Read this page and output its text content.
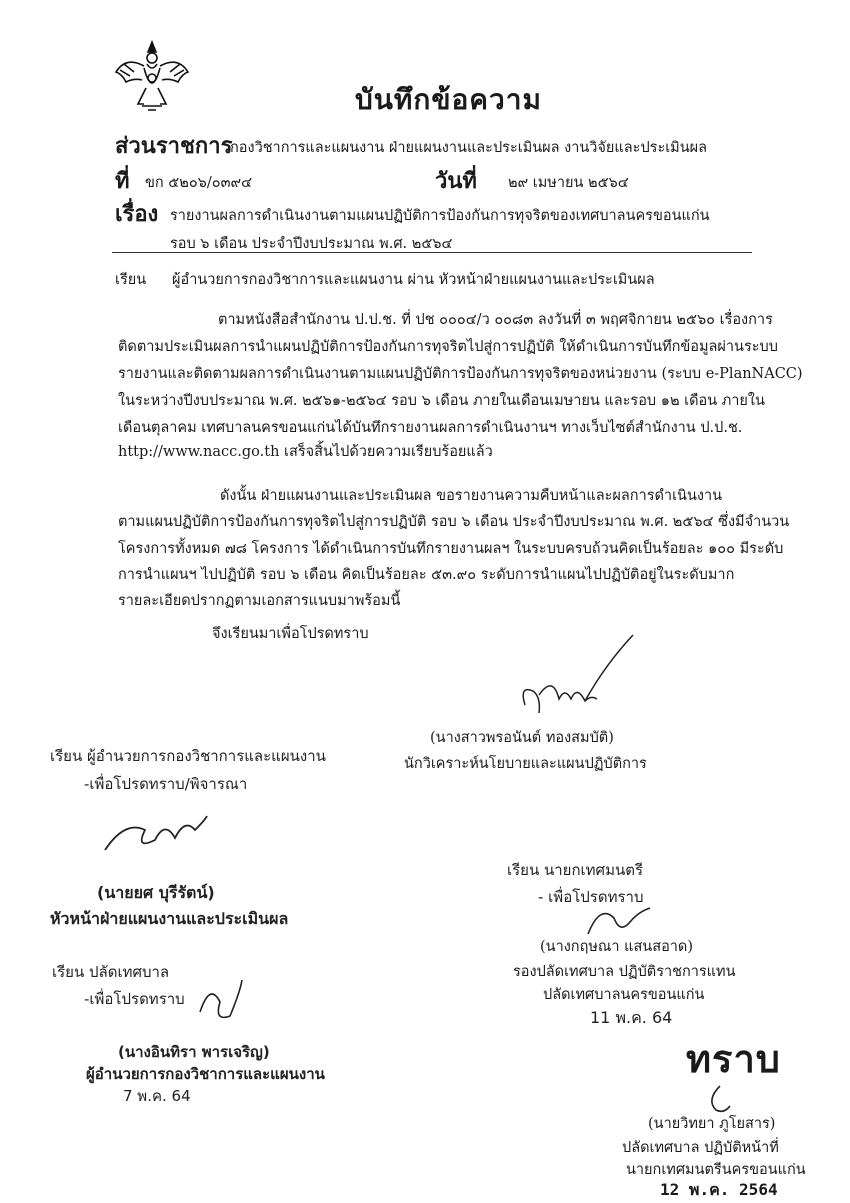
บันทึกข้อความ
ส่วนราชการ
กองวิชาการและแผนงาน ฝ่ายแผนงานและประเมินผล งานวิจัยและประเมินผล
ที่ ขก ๕๒๐๖/๐๓๙๔	วันที่ ๒๙ เมษายน ๒๕๖๔
เรื่อง รายงานผลการดำเนินงานตามแผนปฏิบัติการป้องกันการทุจริตของเทศบาลนครขอนแก่น
รอบ ๖ เดือน ประจำปีงบประมาณ พ.ศ. ๒๕๖๔
เรียน ผู้อำนวยการกองวิชาการและแผนงาน ผ่าน หัวหน้าฝ่ายแผนงานและประเมินผล
ตามหนังสือสำนักงาน ป.ป.ช. ที่ ปช ๐๐๐๔/ว ๐๐๘๓ ลงวันที่ ๓ พฤศจิกายน ๒๕๖๐ เรื่องการ
ติดตามประเมินผลการนำแผนปฏิบัติการป้องกันการทุจริตไปสู่การปฏิบัติ ให้ดำเนินการบันทึกข้อมูลผ่านระบบ
รายงานและติดตามผลการดำเนินงานตามแผนปฏิบัติการป้องกันการทุจริตของหน่วยงาน (ระบบ e-PlanNACC)
ในระหว่างปีงบประมาณ พ.ศ. ๒๕๖๑-๒๕๖๔ รอบ ๖ เดือน ภายในเดือนเมษายน และรอบ ๑๒ เดือน ภายใน
เดือนตุลาคม เทศบาลนครขอนแก่นได้บันทึกรายงานผลการดำเนินงานฯ ทางเว็บไซต์สำนักงาน ป.ป.ช.
http://www.nacc.go.th เสร็จสิ้นไปด้วยความเรียบร้อยแล้ว
ดังนั้น ฝ่ายแผนงานและประเมินผล ขอรายงานความคืบหน้าและผลการดำเนินงาน
ตามแผนปฏิบัติการป้องกันการทุจริตไปสู่การปฏิบัติ รอบ ๖ เดือน ประจำปีงบประมาณ พ.ศ. ๒๕๖๔ ซึ่งมีจำนวน
โครงการทั้งหมด ๗๘ โครงการ ได้ดำเนินการบันทึกรายงานผลฯ ในระบบครบถ้วนคิดเป็นร้อยละ ๑๐๐ มีระดับ
การนำแผนฯ ไปปฏิบัติ รอบ ๖ เดือน คิดเป็นร้อยละ ๕๓.๙๐ ระดับการนำแผนไปปฏิบัติอยู่ในระดับมาก
รายละเอียดปรากฏตามเอกสารแนบมาพร้อมนี้
จึงเรียนมาเพื่อโปรดทราบ
(นางสาวพรอนันต์ ทองสมบัติ)
นักวิเคราะห์นโยบายและแผนปฏิบัติการ
เรียน ผู้อำนวยการกองวิชาการและแผนงาน
-เพื่อโปรดทราบ/พิจารณา
(นายยศ บุรีรัตน์)
หัวหน้าฝ่ายแผนงานและประเมินผล
เรียน ปลัดเทศบาล
-เพื่อโปรดทราบ
(นางอินทิรา พารเจริญ)
ผู้อำนวยการกองวิชาการและแผนงาน
7 พ.ค. 64
เรียน นายกเทศมนตรี
- เพื่อโปรดทราบ
(นางกฤษณา แสนสอาด)
รองปลัดเทศบาล ปฏิบัติราชการแทน
ปลัดเทศบาลนครขอนแก่น
11 พ.ค. 64
ทราบ
(นายวิทยา ภูโยสาร)
ปลัดเทศบาล ปฏิบัติหน้าที่
นายกเทศมนตรีนครขอนแก่น
12 พ.ค. 2564
